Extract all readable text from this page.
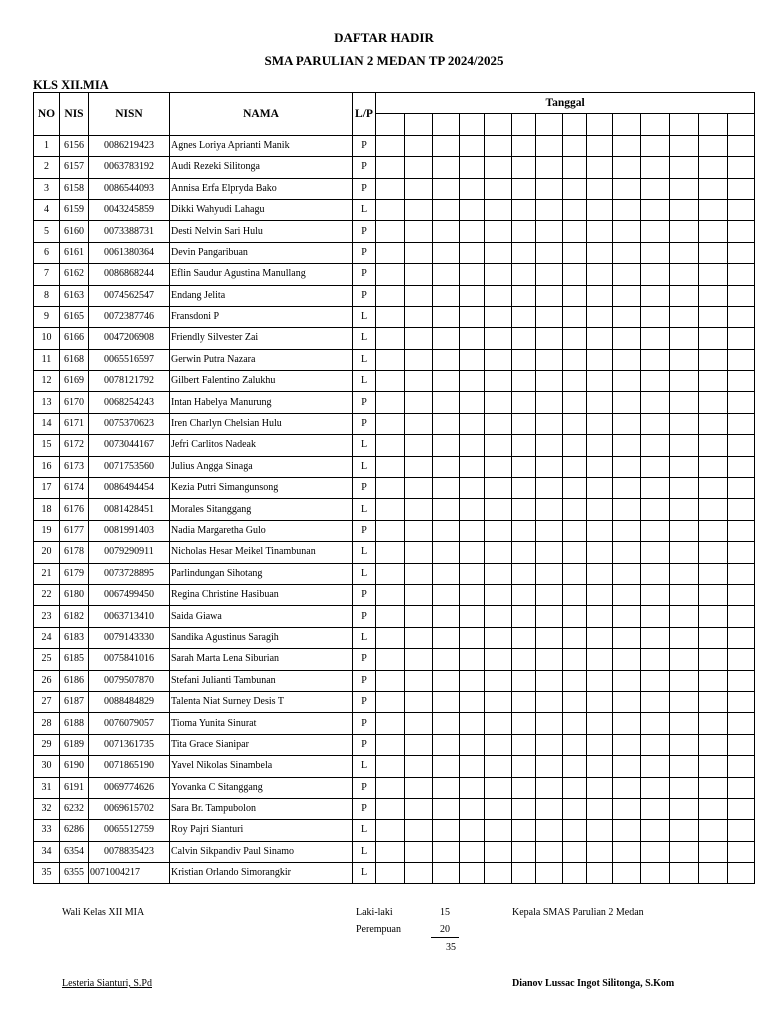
DAFTAR HADIR
SMA PARULIAN 2 MEDAN TP 2024/2025
KLS XII.MIA
NO	NIS	NISN	NAMA	L/P	Tanggal													

1	6156	0086219423	Agnes Loriya Aprianti Manik	P														
2	6157	0063783192	Audi Rezeki Silitonga	P														
3	6158	0086544093	Annisa Erfa Elpryda Bako	P														
4	6159	0043245859	Dikki Wahyudi Lahagu	L														
5	6160	0073388731	Desti Nelvin Sari Hulu	P														
6	6161	0061380364	Devin Pangaribuan	P														
7	6162	0086868244	Eflin Saudur Agustina Manullang	P														
8	6163	0074562547	Endang Jelita	P														
9	6165	0072387746	Fransdoni P	L														
10	6166	0047206908	Friendly Silvester Zai	L														
11	6168	0065516597	Gerwin Putra Nazara	L														
12	6169	0078121792	Gilbert Falentino Zalukhu	L														
13	6170	0068254243	Intan Habelya Manurung	P														
14	6171	0075370623	Iren Charlyn Chelsian Hulu	P														
15	6172	0073044167	Jefri Carlitos Nadeak	L														
16	6173	0071753560	Julius Angga Sinaga	L														
17	6174	0086494454	Kezia Putri Simangunsong	P														
18	6176	0081428451	Morales Sitanggang	L														
19	6177	0081991403	Nadia Margaretha Gulo	P														
20	6178	0079290911	Nicholas Hesar Meikel Tinambunan	L														
21	6179	0073728895	Parlindungan Sihotang	L														
22	6180	0067499450	Regina Christine Hasibuan	P														
23	6182	0063713410	Saida Giawa	P														
24	6183	0079143330	Sandika Agustinus Saragih	L														
25	6185	0075841016	Sarah Marta Lena Siburian	P														
26	6186	0079507870	Stefani Julianti Tambunan	P														
27	6187	0088484829	Talenta Niat Surney Desis T	P														
28	6188	0076079057	Tioma Yunita Sinurat	P														
29	6189	0071361735	Tita Grace Sianipar	P														
30	6190	0071865190	Yavel Nikolas Sinambela	L														
31	6191	0069774626	Yovanka C Sitanggang	P														
32	6232	0069615702	Sara Br. Tampubolon	P														
33	6286	0065512759	Roy Pajri Sianturi	L														
34	6354	0078835423	Calvin Sikpandiv Paul Sinamo	L														
35	6355	0071004217	Kristian Orlando Simorangkir	L														
Wali Kelas XII MIA	Laki-laki	15	Kepala SMAS Parulian 2 Medan
Perempuan	20
35
Lesteria Sianturi, S.Pd	Dianov Lussac Ingot Silitonga, S.Kom
